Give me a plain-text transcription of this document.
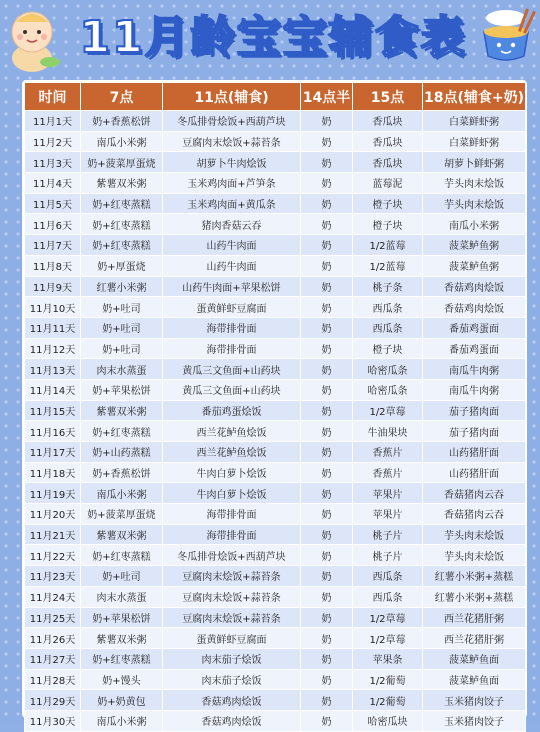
11月龄宝宝辅食表
时间	7点	11点(辅食)	14点半	15点	18点(辅食+奶)
11月1天	奶+香蕉松饼	冬瓜排骨烩饭+西葫芦块	奶	香瓜块	白菜鲜虾粥
11月2天	南瓜小米粥	豆腐肉末烩饭+蒜苔条	奶	香瓜块	白菜鲜虾粥
11月3天	奶+菠菜厚蛋烧	胡萝卜牛肉烩饭	奶	香瓜块	胡萝卜鲜虾粥
11月4天	紫薯双米粥	玉米鸡肉面+芦笋条	奶	蓝莓泥	芋头肉末烩饭
11月5天	奶+红枣蒸糕	玉米鸡肉面+黄瓜条	奶	橙子块	芋头肉末烩饭
11月6天	奶+红枣蒸糕	猪肉香菇云吞	奶	橙子块	南瓜小米粥
11月7天	奶+红枣蒸糕	山药牛肉面	奶	1/2蓝莓	菠菜鲈鱼粥
11月8天	奶+厚蛋烧	山药牛肉面	奶	1/2蓝莓	菠菜鲈鱼粥
11月9天	红薯小米粥	山药牛肉面+苹果松饼	奶	桃子条	香菇鸡肉烩饭
11月10天	奶+吐司	蛋黄鲜虾豆腐面	奶	西瓜条	香菇鸡肉烩饭
11月11天	奶+吐司	海带排骨面	奶	西瓜条	番茄鸡蛋面
11月12天	奶+吐司	海带排骨面	奶	橙子块	番茄鸡蛋面
11月13天	肉末水蒸蛋	黄瓜三文鱼面+山药块	奶	哈密瓜条	南瓜牛肉粥
11月14天	奶+苹果松饼	黄瓜三文鱼面+山药块	奶	哈密瓜条	南瓜牛肉粥
11月15天	紫薯双米粥	番茄鸡蛋烩饭	奶	1/2草莓	茄子猪肉面
11月16天	奶+红枣蒸糕	西兰花鲈鱼烩饭	奶	牛油果块	茄子猪肉面
11月17天	奶+山药蒸糕	西兰花鲈鱼烩饭	奶	香蕉片	山药猪肝面
11月18天	奶+香蕉松饼	牛肉白萝卜烩饭	奶	香蕉片	山药猪肝面
11月19天	南瓜小米粥	牛肉白萝卜烩饭	奶	苹果片	香菇猪肉云吞
11月20天	奶+菠菜厚蛋烧	海带排骨面	奶	苹果片	香菇猪肉云吞
11月21天	紫薯双米粥	海带排骨面	奶	桃子片	芋头肉末烩饭
11月22天	奶+红枣蒸糕	冬瓜排骨烩饭+西葫芦块	奶	桃子片	芋头肉末烩饭
11月23天	奶+吐司	豆腐肉末烩饭+蒜苔条	奶	西瓜条	红薯小米粥+蒸糕
11月24天	肉末水蒸蛋	豆腐肉末烩饭+蒜苔条	奶	西瓜条	红薯小米粥+蒸糕
11月25天	奶+苹果松饼	豆腐肉末烩饭+蒜苔条	奶	1/2草莓	西兰花猪肝粥
11月26天	紫薯双米粥	蛋黄鲜虾豆腐面	奶	1/2草莓	西兰花猪肝粥
11月27天	奶+红枣蒸糕	肉末茄子烩饭	奶	苹果条	菠菜鲈鱼面
11月28天	奶+馒头	肉末茄子烩饭	奶	1/2葡萄	菠菜鲈鱼面
11月29天	奶+奶黄包	香菇鸡肉烩饭	奶	1/2葡萄	玉米猪肉饺子
11月30天	南瓜小米粥	香菇鸡肉烩饭	奶	哈密瓜块	玉米猪肉饺子
